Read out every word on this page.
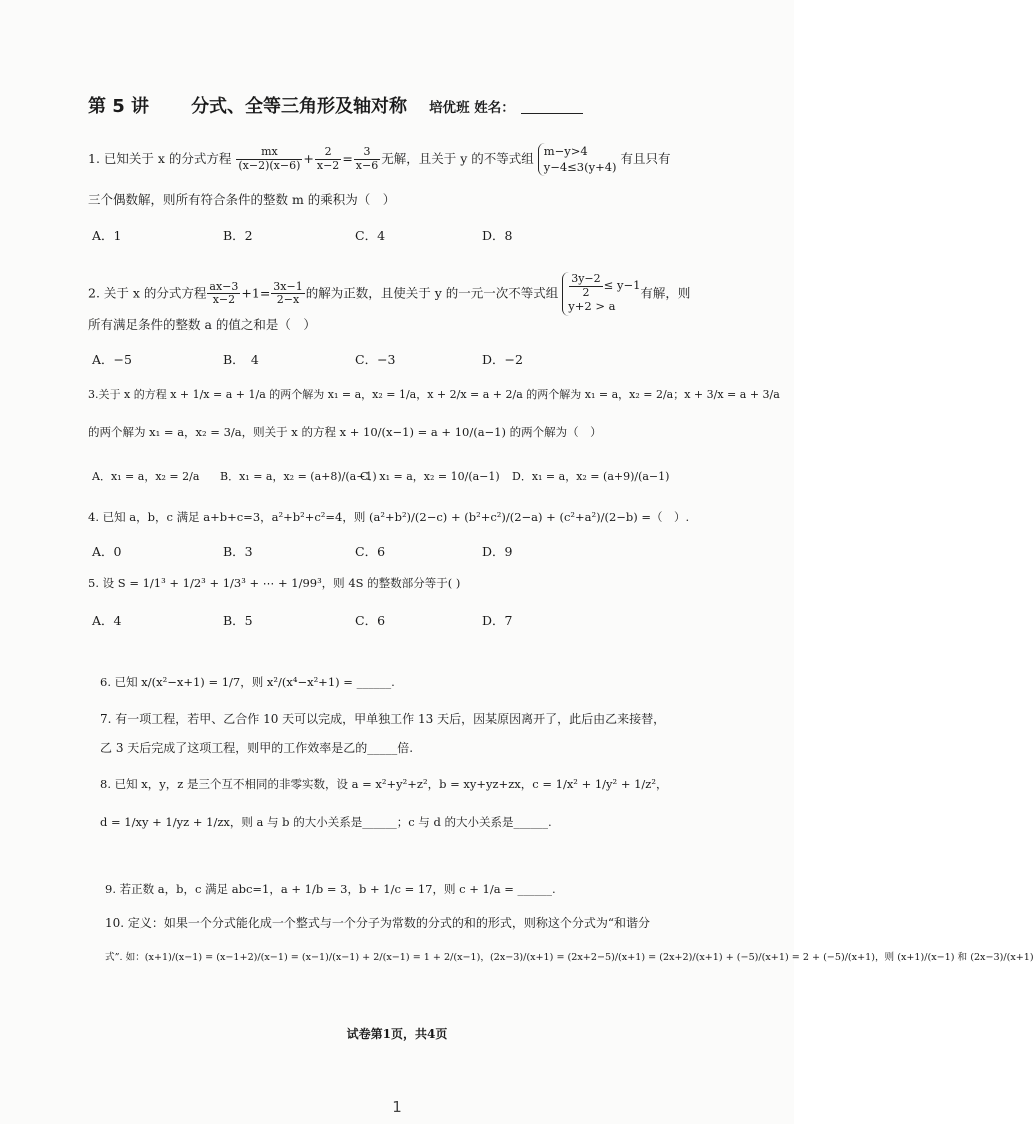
第 5 讲 分式、全等三角形及轴对称 培优班 姓名：
1. 已知关于 x 的分式方程 $\frac{mx}{(x-2)(x-6)} + \frac{2}{x-2} = \frac{3}{x-6}$ 无解，且关于 y 的不等式组
m−y>4
y−4≤3(y+4)
有且只有
三个偶数解，则所有符合条件的整数 m 的乘积为（　）
A．1	B．2	C．4	D．8
2. 关于 x 的分式方程 $\frac{ax-3}{x-2} +1= \frac{3x-1}{2-x}$ 的解为正数，且使关于 y 的一元一次不等式组 $\frac{3y-2}{2} \le y-1$
y+2 > a
有解，则
所有满足条件的整数 a 的值之和是（　）
A．−5	B．　4	C．−3	D．−2
3.关于 x 的方程 x + 1/x = a + 1/a 的两个解为 x₁ = a，x₂ = 1/a，x + 2/x = a + 2/a 的两个解为 x₁ = a，x₂ = 2/a；x + 3/x = a + 3/a
的两个解为 x₁ = a，x₂ = 3/a，则关于 x 的方程 x + 10/(x−1) = a + 10/(a−1) 的两个解为（　）
A．x₁ = a，x₂ = 2/a B．x₁ = a，x₂ = (a+8)/(a−1)
C．x₁ = a，x₂ = 10/(a−1) D．x₁ = a，x₂ = (a+9)/(a−1)
4. 已知 a，b，c 满足 a+b+c=3，a²+b²+c²=4，则 (a²+b²)/(2−c) + (b²+c²)/(2−a) + (c²+a²)/(2−b) =（　）.
A．0	B．3	C．6	D．9
5. 设 S = 1/1³ + 1/2³ + 1/3³ + ⋯ + 1/99³，则 4S 的整数部分等于( )
A．4	B．5	C．6	D．7
6. 已知 x/(x²−x+1) = 1/7，则 x²/(x⁴−x²+1) = ______.
7. 有一项工程，若甲、乙合作 10 天可以完成，甲单独工作 13 天后，因某原因离开了，此后由乙来接替，
乙 3 天后完成了这项工程，则甲的工作效率是乙的_____倍.
8. 已知 x，y，z 是三个互不相同的非零实数，设 a = x²+y²+z²，b = xy+yz+zx，c = 1/x² + 1/y² + 1/z²，
d = 1/xy + 1/yz + 1/zx，则 a 与 b 的大小关系是______；c 与 d 的大小关系是______.
9. 若正数 a，b，c 满足 abc=1，a + 1/b = 3，b + 1/c = 17，则 c + 1/a = ______.
10. 定义：如果一个分式能化成一个整式与一个分子为常数的分式的和的形式，则称这个分式为“和谐分
式”. 如：(x+1)/(x−1) = (x−1+2)/(x−1) = (x−1)/(x−1) + 2/(x−1) = 1 + 2/(x−1)，(2x−3)/(x+1) = (2x+2−5)/(x+1) = (2x+2)/(x+1) + (−5)/(x+1) = 2 + (−5)/(x+1)，则 (x+1)/(x−1) 和 (2x−3)/(x+1)
试卷第1页，共4页
1
